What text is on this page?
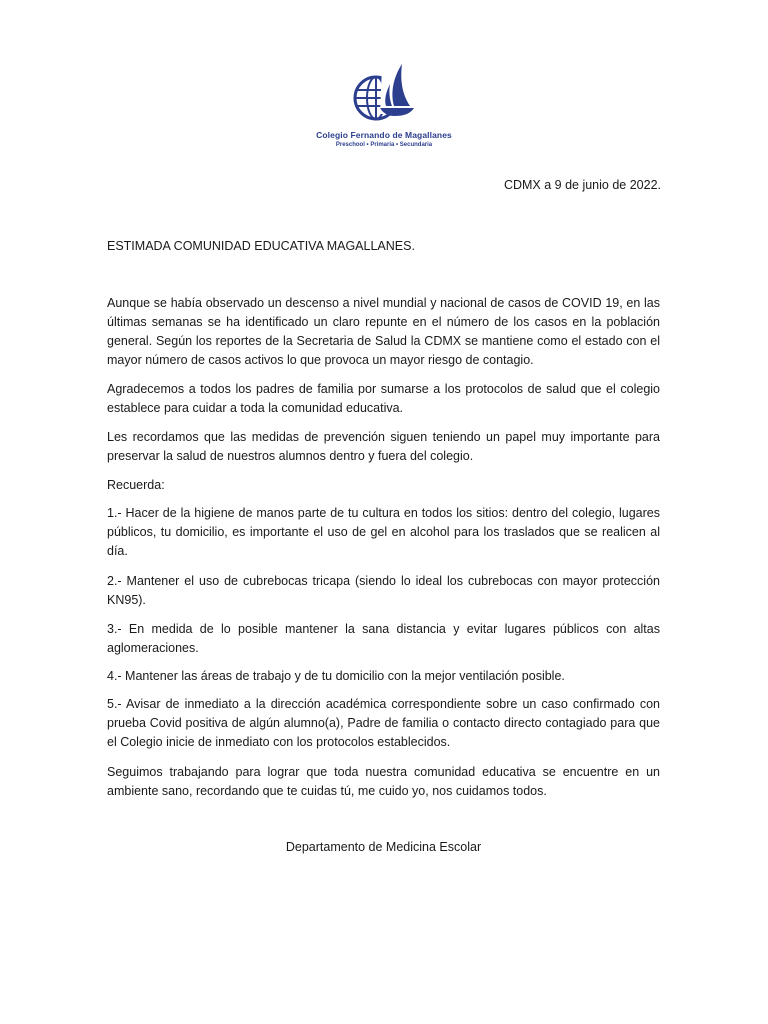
Colegio Fernando de Magallanes
Preschool • Primaria • Secundaria
CDMX a 9 de junio de 2022.
ESTIMADA COMUNIDAD EDUCATIVA MAGALLANES.
Aunque se había observado un descenso a nivel mundial y nacional de casos de COVID 19, en las últimas semanas se ha identificado un claro repunte en el número de los casos en la población general. Según los reportes de la Secretaria de Salud la CDMX se mantiene como el estado con el mayor número de casos activos lo que provoca un mayor riesgo de contagio.
Agradecemos a todos los padres de familia por sumarse a los protocolos de salud que el colegio establece para cuidar a toda la comunidad educativa.
Les recordamos que las medidas de prevención siguen teniendo un papel muy importante para preservar la salud de nuestros alumnos dentro y fuera del colegio.
Recuerda:
1.- Hacer de la higiene de manos parte de tu cultura en todos los sitios: dentro del colegio, lugares públicos, tu domicilio, es importante el uso de gel en alcohol para los traslados que se realicen al día.
2.- Mantener el uso de cubrebocas tricapa (siendo lo ideal los cubrebocas con mayor protección KN95).
3.- En medida de lo posible mantener la sana distancia y evitar lugares públicos con altas aglomeraciones.
4.- Mantener las áreas de trabajo y de tu domicilio con la mejor ventilación posible.
5.- Avisar de inmediato a la dirección académica correspondiente sobre un caso confirmado con prueba Covid positiva de algún alumno(a), Padre de familia o contacto directo contagiado para que el Colegio inicie de inmediato con los protocolos establecidos.
Seguimos trabajando para lograr que toda nuestra comunidad educativa se encuentre en un ambiente sano, recordando que te cuidas tú, me cuido yo, nos cuidamos todos.
Departamento de Medicina Escolar
